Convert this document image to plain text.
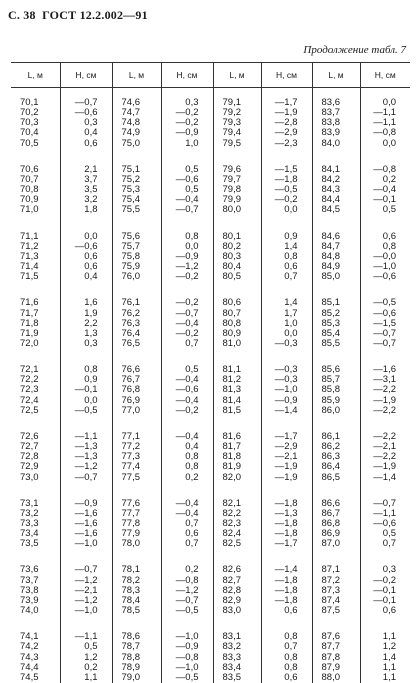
С. 38 ГОСТ 12.2.002—91
Продолжение табл. 7
L, м	Н, см	L, м	Н, см	L, м	Н, см	L, м	Н, см

70,1	—0,7	74,6	0,3	79,1	—1,7	83,6	0,0
70,2	—0,6	74,7	—0,2	79,2	—1,9	83,7	—1,1
70,3	0,3	74,8	—0,2	79,3	—2,8	83,8	—1,1
70,4	0,4	74,9	—0,9	79,4	—2,9	83,9	—0,8
70,5	0,6	75,0	1,0	79,5	—2,3	84,0	0,0

70,6	2,1	75,1	0,5	79,6	—1,5	84,1	—0,8
70,7	3,7	75,2	—0,6	79,7	—1,8	84,2	0,2
70,8	3,5	75,3	0,5	79,8	—0,5	84,3	—0,4
70,9	3,2	75,4	—0,4	79,9	—0,2	84,4	—0,1
71,0	1,8	75,5	—0,7	80,0	0,0	84,5	0,5

71,1	0,0	75,6	0,8	80,1	0,9	84,6	0,6
71,2	—0,6	75,7	0,0	80,2	1,4	84,7	0,8
71,3	0,6	75,8	—0,9	80,3	0,8	84,8	—0,0
71,4	0,6	75,9	—1,2	80,4	0,6	84,9	—1,0
71,5	0,4	76,0	—0,2	80,5	0,7	85,0	—0,6

71,6	1,6	76,1	—0,2	80,6	1,4	85,1	—0,5
71,7	1,9	76,2	—0,7	80,7	1,7	85,2	—0,6
71,8	2,2	76,3	—0,4	80,8	1,0	85,3	—1,5
71,9	1,3	76,4	—0,2	80,9	0,0	85,4	—0,7
72,0	0,3	76,5	0,7	81,0	—0,3	85,5	—0,7

72,1	0,8	76,6	0,5	81,1	—0,3	85,6	—1,6
72,2	0,9	76,7	—0,4	81,2	—0,3	85,7	—3,1
72,3	—0,1	76,8	—0,6	81,3	—1,0	85,8	—2,2
72,4	0,0	76,9	—0,4	81,4	—0,9	85,9	—1,9
72,5	—0,5	77,0	—0,2	81,5	—1,4	86,0	—2,2

72,6	—1,1	77,1	—0,4	81,6	—1,7	86,1	—2,2
72,7	—1,3	77,2	0,4	81,7	—2,9	86,2	—2,1
72,8	—1,3	77,3	0,8	81,8	—2,1	86,3	—2,2
72,9	—1,2	77,4	0,8	81,9	—1,9	86,4	—1,9
73,0	—0,7	77,5	0,2	82,0	—1,9	86,5	—1,4

73,1	—0,9	77,6	—0,4	82,1	—1,8	86,6	—0,7
73,2	—1,6	77,7	—0,4	82,2	—1,3	86,7	—1,1
73,3	—1,6	77,8	0,7	82,3	—1,8	86,8	—0,6
73,4	—1,6	77,9	0,6	82,4	—1,8	86,9	0,5
73,5	—1,0	78,0	0,7	82,5	—1,7	87,0	0,7

73,6	—0,7	78,1	0,2	82,6	—1,4	87,1	0,3
73,7	—1,2	78,2	—0,8	82,7	—1,8	87,2	—0,2
73,8	—2,1	78,3	—1,2	82,8	—1,8	87,3	—0,1
73,9	—1,2	78,4	—0,7	82,9	—1,8	87,4	—0,1
74,0	—1,0	78,5	—0,5	83,0	0,6	87,5	0,6

74,1	—1,1	78,6	—1,0	83,1	0,8	87,6	1,1
74,2	0,5	78,7	—0,9	83,2	0,7	87,7	1,2
74,3	1,2	78,8	—0,8	83,3	0,8	87,8	1,4
74,4	0,2	78,9	—1,0	83,4	0,8	87,9	1,1
74,5	1,1	79,0	—0,5	83,5	0,6	88,0	1,1
